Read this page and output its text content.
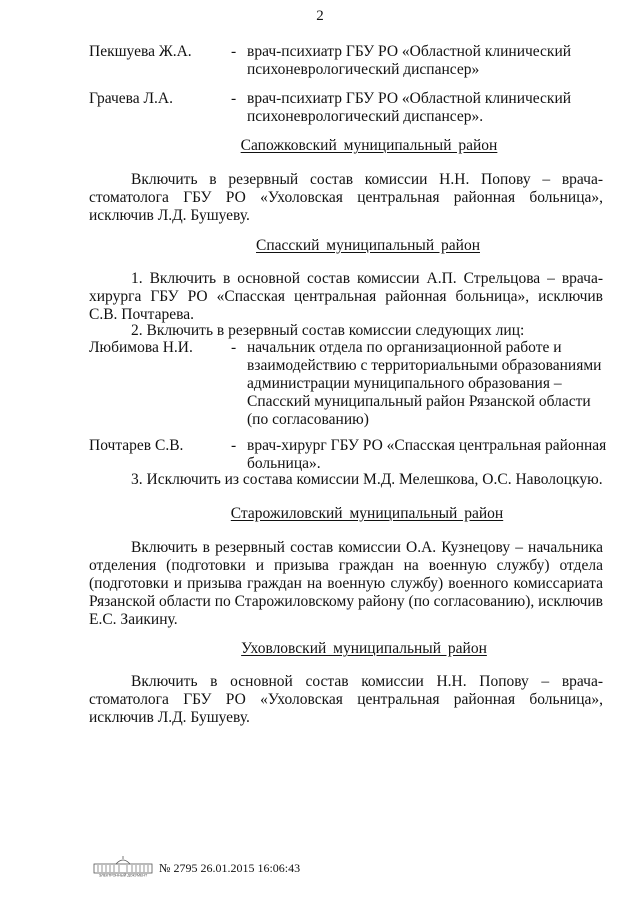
2
Пекшуева Ж.А.	- врач-психиатр ГБУ РО «Областной клинический
психоневрологический диспансер»
Грачева Л.А.	- врач-психиатр ГБУ РО «Областной клинический
психоневрологический диспансер».
Сапожковский муниципальный район
Включить в резервный состав комиссии Н.Н. Попову – врача-
стоматолога ГБУ РО «Ухоловская центральная районная больница»,
исключив Л.Д. Бушуеву.
Спасский муниципальный район
1. Включить в основной состав комиссии А.П. Стрельцова – врача-
хирурга ГБУ РО «Спасская центральная районная больница», исключив
С.В. Почтарева.
2. Включить в резервный состав комиссии следующих лиц:
Любимова Н.И. - начальник отдела по организационной работе и
взаимодействию с территориальными образованиями
администрации муниципального образования –
Спасский муниципальный район Рязанской области
(по согласованию)
Почтарев С.В.	- врач-хирург ГБУ РО «Спасская центральная районная
больница».
3. Исключить из состава комиссии М.Д. Мелешкова, О.С. Наволоцкую.
Старожиловский муниципальный район
Включить в резервный состав комиссии О.А. Кузнецову – начальника
отделения (подготовки и призыва граждан на военную службу) отдела
(подготовки и призыва граждан на военную службу) военного комиссариата
Рязанской области по Старожиловскому району (по согласованию), исключив
Е.С. Заикину.
Уховловский муниципальный район
Включить в основной состав комиссии Н.Н. Попову – врача-
стоматолога ГБУ РО «Ухоловская центральная районная больница»,
исключив Л.Д. Бушуеву.
ЭЛЕКТРОННЫЙ ДОКУМЕНТ
№ 2795 26.01.2015 16:06:43
